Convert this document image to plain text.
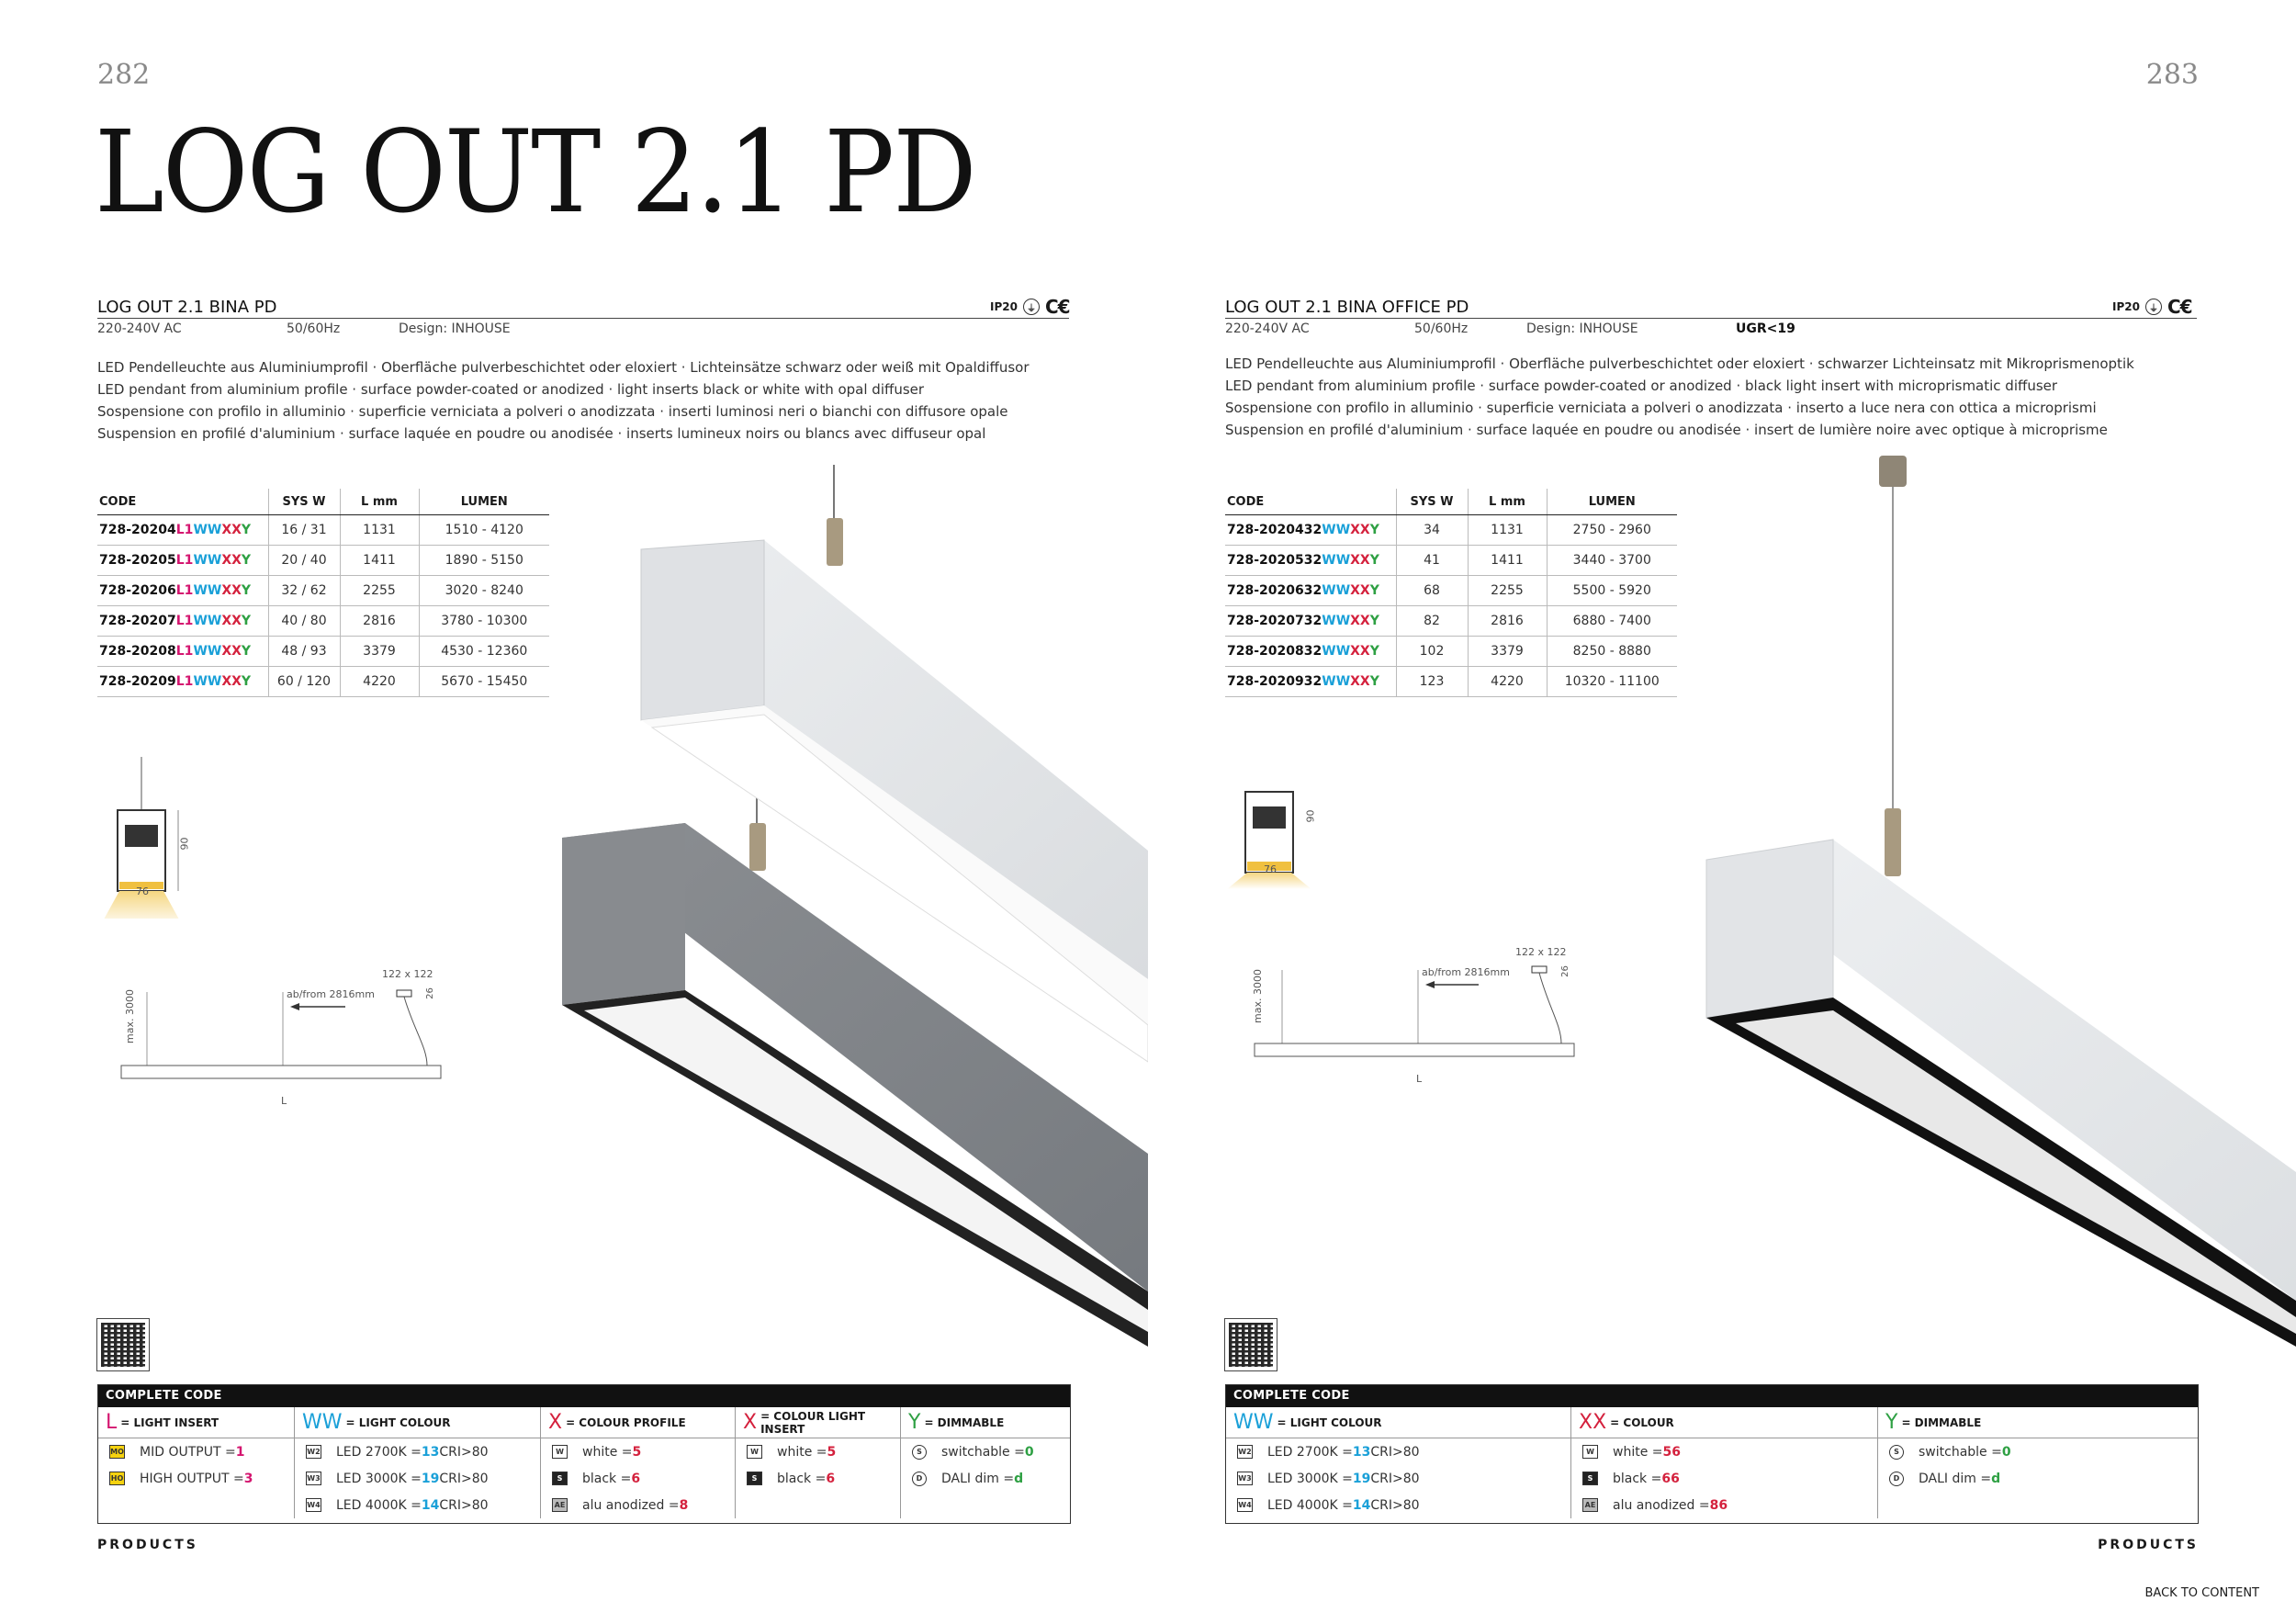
282	283
LOG OUT 2.1 PD
LOG OUT 2.1 BINA PD	IP20	⏚ C€
220-240V AC	50/60Hz	Design: INHOUSE
LED Pendelleuchte aus Aluminiumprofil · Oberfläche pulverbeschichtet oder eloxiert · Lichteinsätze schwarz oder weiß mit Opaldiffusor
LED pendant from aluminium profile · surface powder-coated or anodized · light inserts black or white with opal diffuser
Sospensione con profilo in alluminio · superficie verniciata a polveri o anodizzata · inserti luminosi neri o bianchi con diffusore opale
Suspension en profilé d'aluminium · surface laquée en poudre ou anodisée · inserts lumineux noirs ou blancs avec diffuseur opal
CODE	SYS W	L mm	LUMEN
728-20204L1WWXXY	16 / 31	1131	1510 - 4120
728-20205L1WWXXY	20 / 40	1411	1890 - 5150
728-20206L1WWXXY	32 / 62	2255	3020 - 8240
728-20207L1WWXXY	40 / 80	2816	3780 - 10300
728-20208L1WWXXY	48 / 93	3379	4530 - 12360
728-20209L1WWXXY	60 / 120	4220	5670 - 15450
LOG OUT 2.1 BINA OFFICE PD	IP20	⏚ C€
220-240V AC	50/60Hz	Design: INHOUSE	UGR<19
LED Pendelleuchte aus Aluminiumprofil · Oberfläche pulverbeschichtet oder eloxiert · schwarzer Lichteinsatz mit Mikroprismenoptik
LED pendant from aluminium profile · surface powder-coated or anodized · black light insert with microprismatic diffuser
Sospensione con profilo in alluminio · superficie verniciata a polveri o anodizzata · inserto a luce nera con ottica a microprismi
Suspension en profilé d'aluminium · surface laquée en poudre ou anodisée · insert de lumière noire avec optique à microprisme
CODE	SYS W	L mm	LUMEN
728-2020432WWXXY	34	1131	2750 - 2960
728-2020532WWXXY	41	1411	3440 - 3700
728-2020632WWXXY	68	2255	5500 - 5920
728-2020732WWXXY	82	2816	6880 - 7400
728-2020832WWXXY	102	3379	8250 - 8880
728-2020932WWXXY	123	4220	10320 - 11100
90
76
max. 3000	ab/from 2816mm
122 x 122
26
L
90
76
max. 3000	ab/from 2816mm
122 x 122
26
L
COMPLETE CODE
L = LIGHT INSERT
MO MID OUTPUT = 1
HO HIGH OUTPUT = 3
WW = LIGHT COLOUR
W2 LED 2700K = 13 CRI>80
W3 LED 3000K = 19 CRI>80
W4 LED 4000K = 14 CRI>80
X = COLOUR PROFILE
W white = 5
S	black = 6
AE alu anodized = 8
X = COLOUR LIGHT INSERT
W white = 5
S	black = 6
Y = DIMMABLE
S	switchable = 0
D	DALI dim = d
COMPLETE CODE
WW = LIGHT COLOUR
W2 LED 2700K = 13 CRI>80
W3 LED 3000K = 19 CRI>80
W4 LED 4000K = 14 CRI>80
XX = COLOUR
W white = 56
S	black = 66
AE alu anodized = 86
Y = DIMMABLE
S	switchable = 0
D	DALI dim = d
PRODUCTS	PRODUCTS
BACK TO CONTENT
